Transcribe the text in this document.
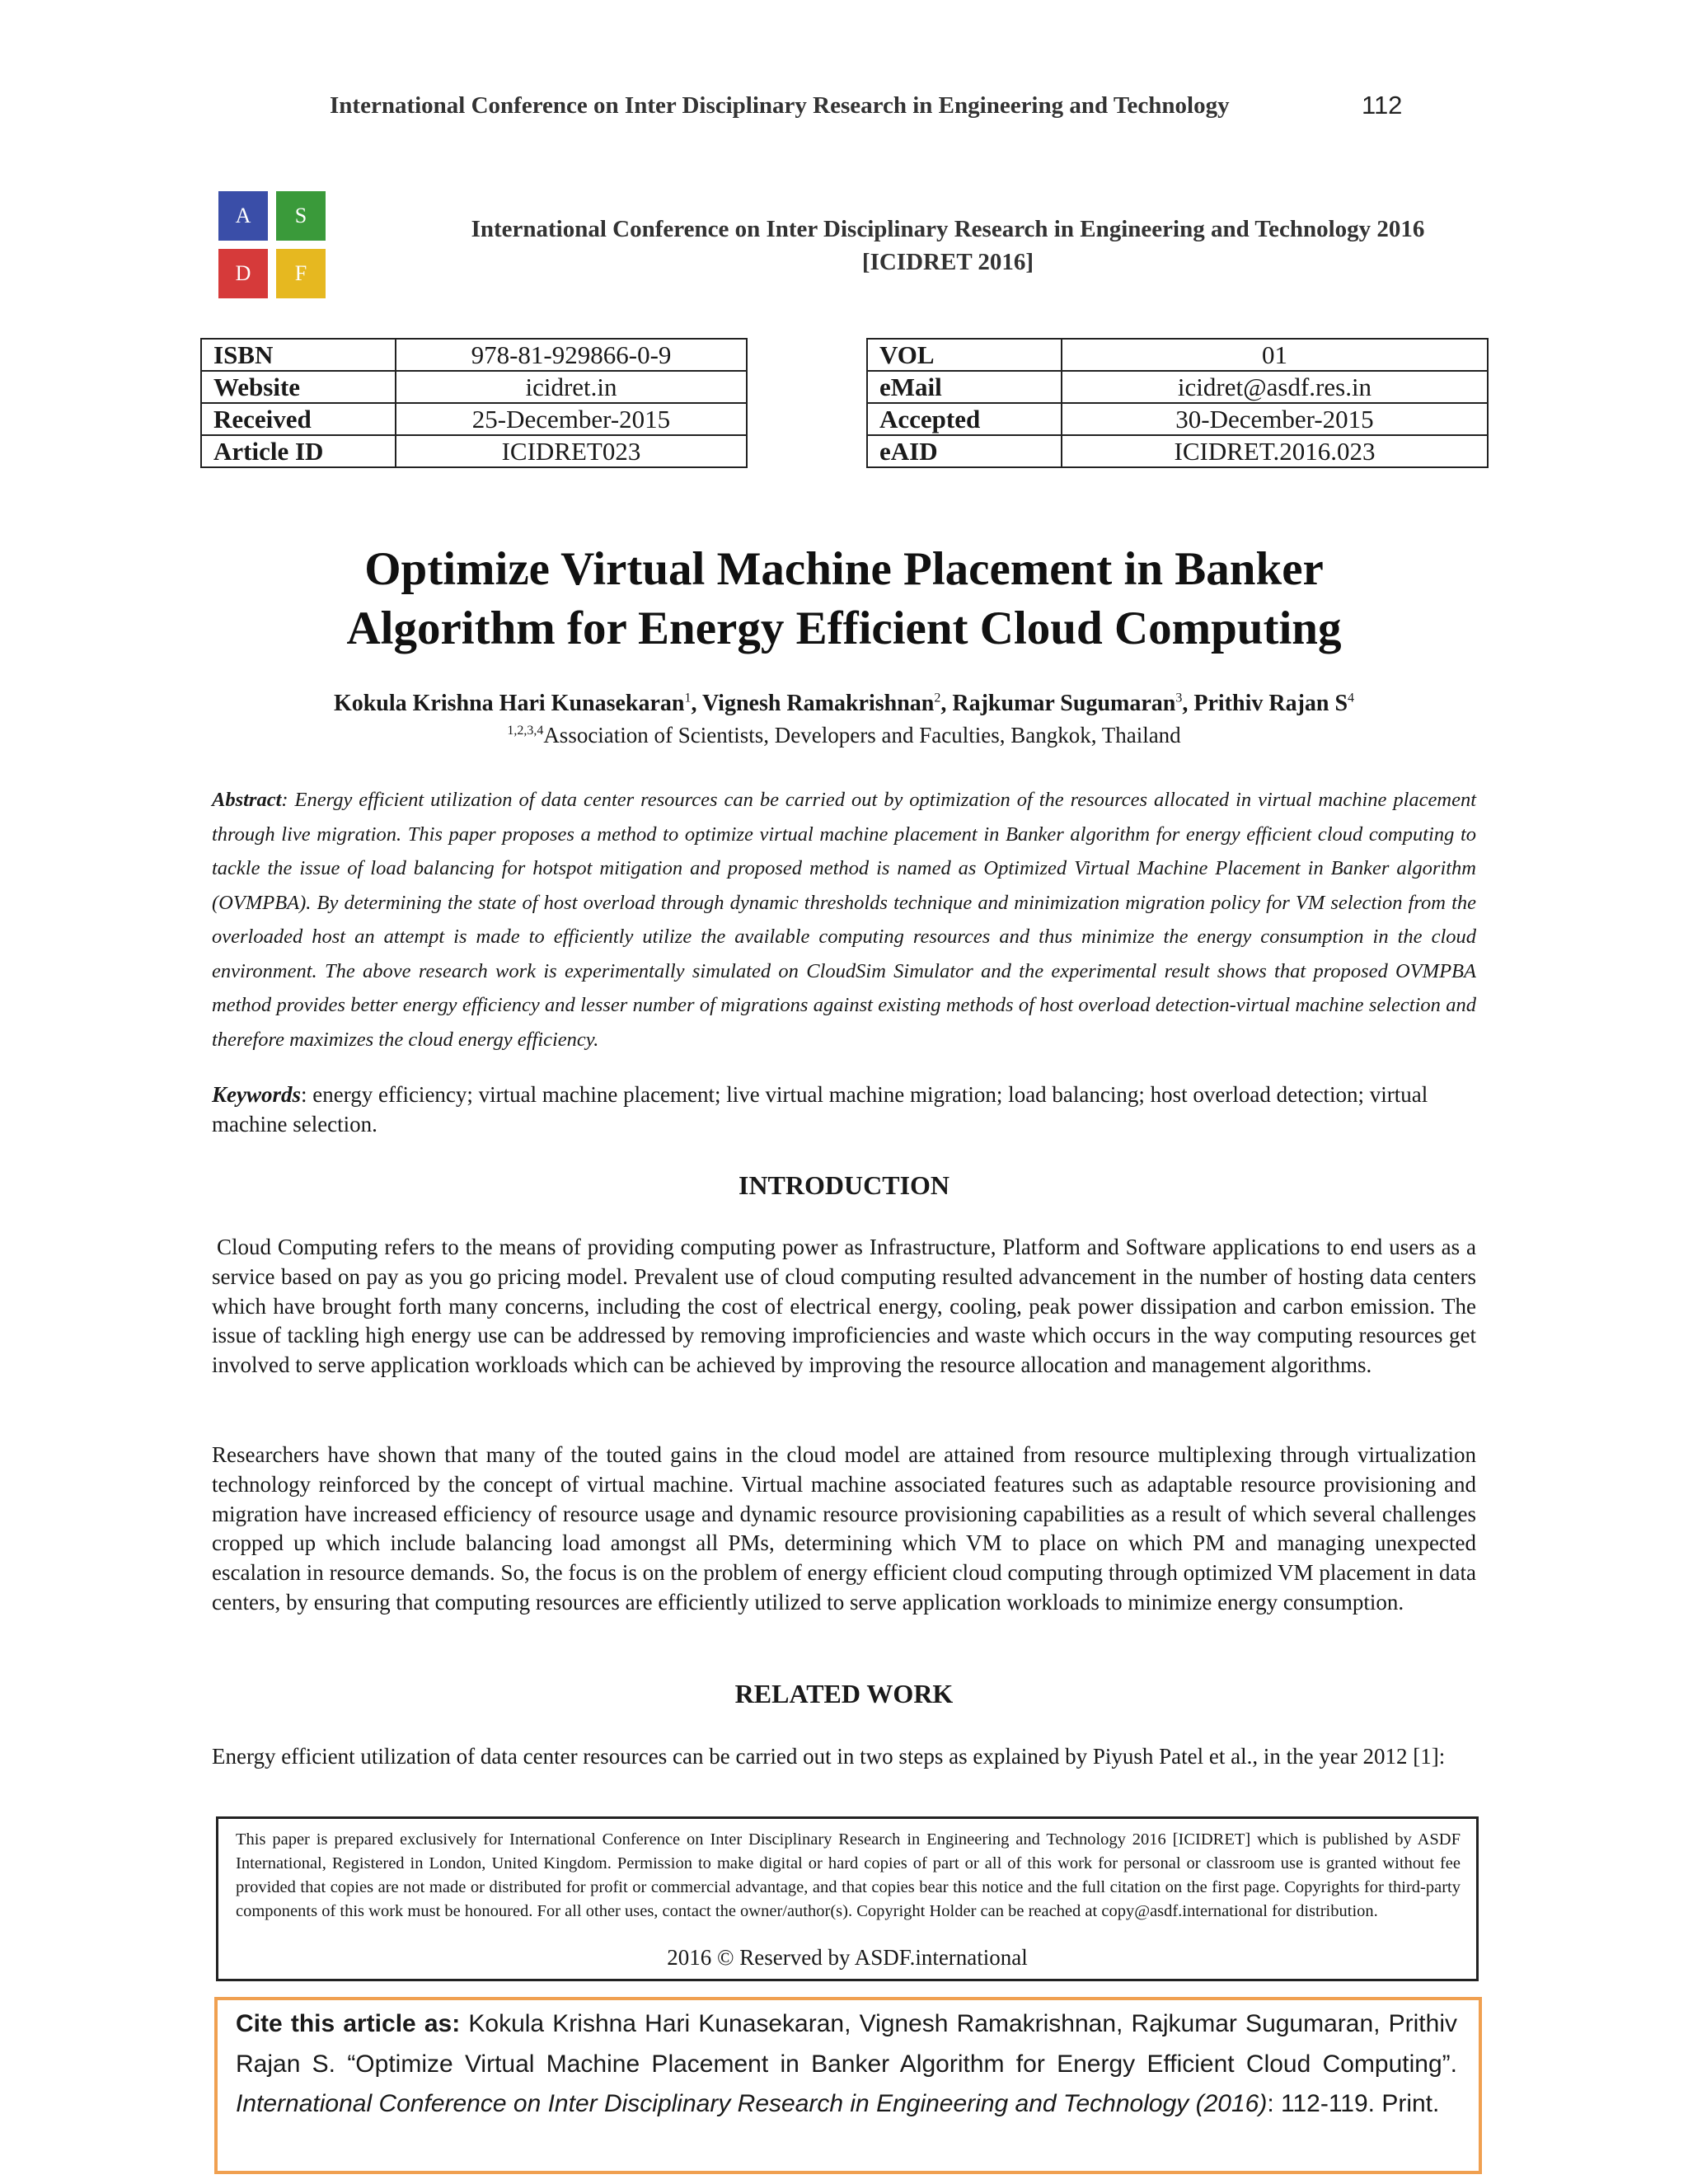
International Conference on Inter Disciplinary Research in Engineering and Technology	112
A	S
D	F
International Conference on Inter Disciplinary Research in Engineering and Technology 2016
[ICIDRET 2016]
ISBN	978-81-929866-0-9
Website	icidret.in
Received	25-December-2015
Article ID	ICIDRET023
VOL	01
eMail	icidret@asdf.res.in
Accepted	30-December-2015
eAID	ICIDRET.2016.023
Optimize Virtual Machine Placement in Banker
Algorithm for Energy Efficient Cloud Computing
Kokula Krishna Hari Kunasekaran$^1$, Vignesh Ramakrishnan$^2$, Rajkumar Sugumaran$^3$, Prithiv Rajan $S^4$
$^{1,2,3,4}$Association of Scientists, Developers and Faculties, Bangkok, Thailand
Abstract: Energy efficient utilization of data center resources can be carried out by optimization of the resources allocated in virtual machine placement through live migration. This paper proposes a method to optimize virtual machine placement in Banker algorithm for energy efficient cloud computing to tackle the issue of load balancing for hotspot mitigation and proposed method is named as Optimized Virtual Machine Placement in Banker algorithm (OVMPBA). By determining the state of host overload through dynamic thresholds technique and minimization migration policy for VM selection from the overloaded host an attempt is made to efficiently utilize the available computing resources and thus minimize the energy consumption in the cloud environment. The above research work is experimentally simulated on CloudSim Simulator and the experimental result shows that proposed OVMPBA method provides better energy efficiency and lesser number of migrations against existing methods of host overload detection-virtual machine selection and therefore maximizes the cloud energy efficiency.
Keywords: energy efficiency; virtual machine placement; live virtual machine migration; load balancing; host overload detection; virtual machine selection.
INTRODUCTION
Cloud Computing refers to the means of providing computing power as Infrastructure, Platform and Software applications to end users as a service based on pay as you go pricing model. Prevalent use of cloud computing resulted advancement in the number of hosting data centers which have brought forth many concerns, including the cost of electrical energy, cooling, peak power dissipation and carbon emission. The issue of tackling high energy use can be addressed by removing improficiencies and waste which occurs in the way computing resources get involved to serve application workloads which can be achieved by improving the resource allocation and management algorithms.
Researchers have shown that many of the touted gains in the cloud model are attained from resource multiplexing through virtualization technology reinforced by the concept of virtual machine. Virtual machine associated features such as adaptable resource provisioning and migration have increased efficiency of resource usage and dynamic resource provisioning capabilities as a result of which several challenges cropped up which include balancing load amongst all PMs, determining which VM to place on which PM and managing unexpected escalation in resource demands. So, the focus is on the problem of energy efficient cloud computing through optimized VM placement in data centers, by ensuring that computing resources are efficiently utilized to serve application workloads to minimize energy consumption.
RELATED WORK
Energy efficient utilization of data center resources can be carried out in two steps as explained by Piyush Patel et al., in the year 2012 [1]:
This paper is prepared exclusively for International Conference on Inter Disciplinary Research in Engineering and Technology 2016 [ICIDRET] which is published by ASDF International, Registered in London, United Kingdom. Permission to make digital or hard copies of part or all of this work for personal or classroom use is granted without fee provided that copies are not made or distributed for profit or commercial advantage, and that copies bear this notice and the full citation on the first page. Copyrights for third-party components of this work must be honoured. For all other uses, contact the owner/author(s). Copyright Holder can be reached at copy@asdf.international for distribution.
2016 © Reserved by ASDF.international
Cite this article as: Kokula Krishna Hari Kunasekaran, Vignesh Ramakrishnan, Rajkumar Sugumaran, Prithiv Rajan S. “Optimize Virtual Machine Placement in Banker Algorithm for Energy Efficient Cloud Computing”. International Conference on Inter Disciplinary Research in Engineering and Technology (2016): 112-119. Print.
